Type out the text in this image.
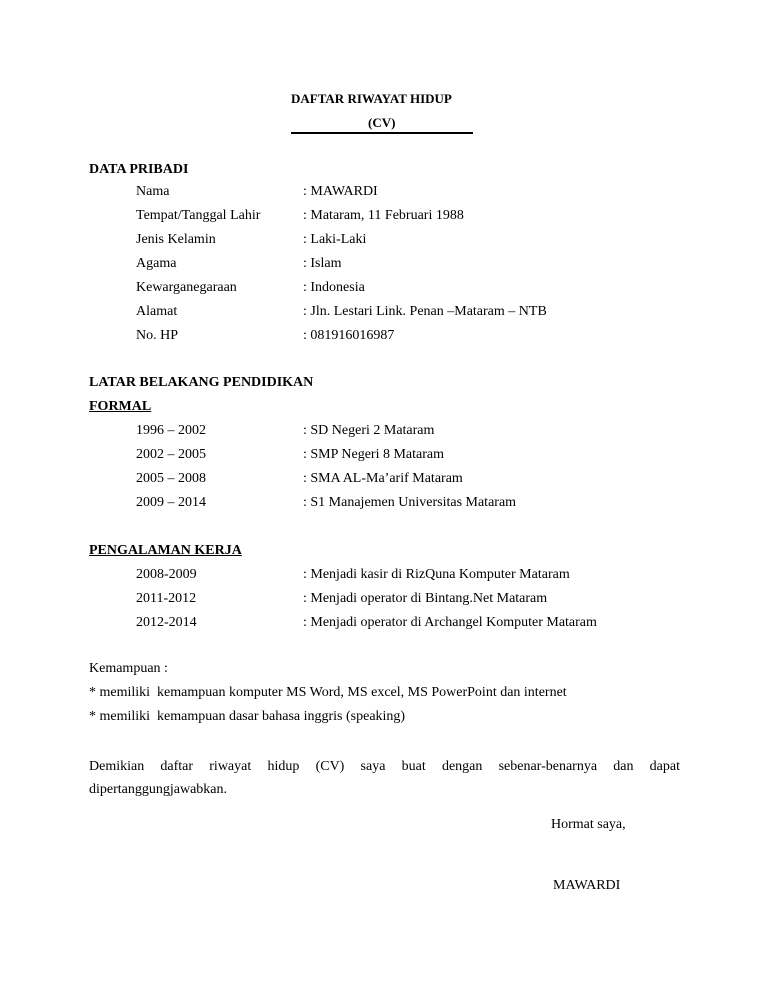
DAFTAR RIWAYAT HIDUP
(CV)
DATA PRIBADI
Nama	: MAWARDI
Tempat/Tanggal Lahir	: Mataram, 11 Februari 1988
Jenis Kelamin	: Laki-Laki
Agama	: Islam
Kewarganegaraan	: Indonesia
Alamat	: Jln. Lestari Link. Penan –Mataram – NTB
No. HP	: 081916016987
LATAR BELAKANG PENDIDIKAN
FORMAL
1996 – 2002	: SD Negeri 2 Mataram
2002 – 2005	: SMP Negeri 8 Mataram
2005 – 2008	: SMA AL-Ma’arif Mataram
2009 – 2014	: S1 Manajemen Universitas Mataram
PENGALAMAN KERJA
2008-2009	: Menjadi kasir di RizQuna Komputer Mataram
2011-2012	: Menjadi operator di Bintang.Net Mataram
2012-2014	: Menjadi operator di Archangel Komputer Mataram
Kemampuan :
* memiliki  kemampuan komputer MS Word, MS excel, MS PowerPoint dan internet
* memiliki  kemampuan dasar bahasa inggris (speaking)
Demikian daftar riwayat hidup (CV) saya buat dengan sebenar-benarnya dan dapat
dipertanggungjawabkan.
Hormat saya,
MAWARDI
